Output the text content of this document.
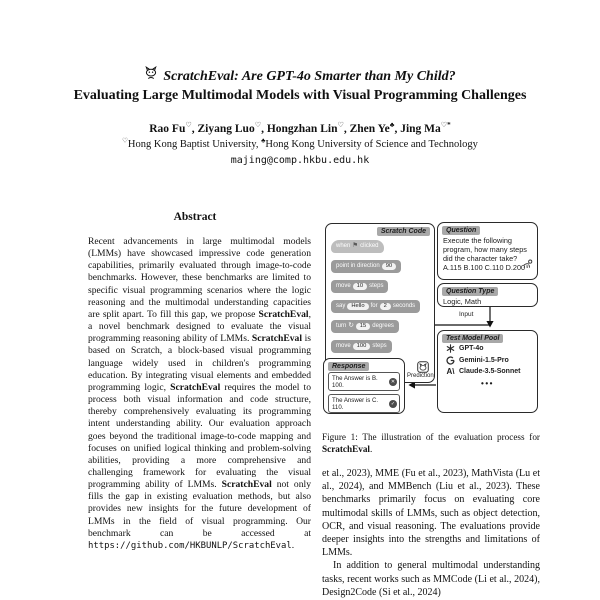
ScratchEval: Are GPT-4o Smarter than My Child?
Evaluating Large Multimodal Models with Visual Programming Challenges
Rao Fu♡, Ziyang Luo♡, Hongzhan Lin♡, Zhen Ye♣, Jing Ma♡*
♡Hong Kong Baptist University, ♣Hong Kong University of Science and Technology
majing@comp.hkbu.edu.hk
Abstract
Recent advancements in large multimodal models (LMMs) have showcased impressive code generation capabilities, primarily evaluated through image-to-code benchmarks. However, these benchmarks are limited to specific visual programming scenarios where the logic reasoning and the multimodal understanding capacities are split apart. To fill this gap, we propose ScratchEval, a novel benchmark designed to evaluate the visual programming reasoning ability of LMMs. ScratchEval is based on Scratch, a block-based visual programming language widely used in children's programming education. By integrating visual elements and embedded programming logic, ScratchEval requires the model to process both visual information and code structure, thereby comprehensively evaluating its programming intent understanding ability. Our evaluation approach goes beyond the traditional image-to-code mapping and focuses on unified logical thinking and problem-solving abilities, providing a more comprehensive and challenging framework for evaluating the visual programming ability of LMMs. ScratchEval not only fills the gap in existing evaluation methods, but also provides new insights for the future development of LMMs in the field of visual programming. Our benchmark can be accessed at https://github.com/HKBUNLP/ScratchEval.
Scratch Code
when ⚑ clicked
point in direction	90
move	10	steps
say	Hello	for	2	seconds
turn ↻	15	degrees
move	100	steps
Question
Execute the following program, how many steps did the character take? A.115 B.100 C.110 D.200
Question Type
Logic, Math
Input
Test Model Pool
GPT-4o
Gemini-1.5-Pro
A\ Claude-3.5-Sonnet
•••
Prediction
Response
The Answer is B. 100.	✕
The Answer is C. 110.	✓
Figure 1: The illustration of the evaluation process for ScratchEval.

et al., 2023), MME (Fu et al., 2023), MathVista (Lu et al., 2024), and MMBench (Liu et al., 2023). These benchmarks primarily focus on evaluating core multimodal skills of LMMs, such as object detection, OCR, and visual reasoning. The evaluations provide deeper insights into the strengths and limitations of LMMs.

In addition to general multimodal understanding tasks, recent works such as MMCode (Li et al., 2024), Design2Code (Si et al., 2024)
